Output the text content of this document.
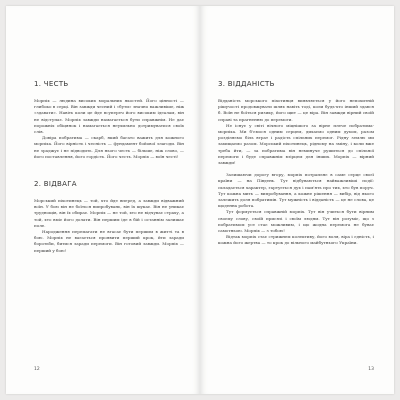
1. ЧЕСТЬ

Морпіх — людина високих моральних якостей. Його цінності — глибоко в серці. Він завжди чесний і «бути» значно важливіше, ніж «здавати». Навіть коли це йде всупереч його високим ідеалам, він не відступає. Морпіх завжди намагається бути справжнім. Не дає порожніх обіцянок і намагається неухильно дотримуватися своїх слів.

Довіра побратима — скарб, який багато важить для кожного морпіха. Його вірність і чесність — фундамент бойової злагоди. Він не зраджує і не підводить. Для нього честь — більше, ніж слово, — його поставлення, його гордість. Його честь. Морпіх — воїн честі!

2. ВІДВАГА

Морський піхотинець — той, хто йде вперед, а завжди відважний воїн. У бою він не боїться випробувань, він їх шукає. Він не уникає труднощів, він їх обирає. Морпіх — не той, хто не відчуває страху, а той, хто вміє його долати. Він першим іде в бій і останнім залишає поле.

Народження перемагати не вгасає бути першим в житті та в бою. Морпіх не вагається проявити перший крок, йти заради боротьби, битися заради перемоги. Він готовий завжди. Морпіх — перший у бою!

12
3. ВІДДАНІСТЬ

Відданість морського піхотинця виявляється у його непохитній рішучості продовжувати шлях навіть тоді, коли будь-хто інший здався б. Воїн не боїться ризику, його щит — це віра. Він завжди вірний своїй справі та прагненню до перемоги.

Не існує у світі вічного міцнішого за вірне плече побратима-морпіха. Ми б'ємося одним серцем, дихаємо одним духом, разом розділяємо біль втрат і радість спільних перемог. Рідну землю ми захищаємо разом. Морський піхотинець, рідному на зміну, і коли вже треба йти, — за побратима він неминуче рушиться до спільної перемоги і буде справжнім взірцем для інших. Морпіх — вірний завжди!

Залишаючи дорогу вгору, морпіх потрапляє в саме серце своєї країни — на Південь. Тут відбуваються найважливіші події: складається характер, гартується дух і пам'ять про тих, хто був поруч. Тут кожна мить — випробування, а кожне рішення — вибір, від якого залежить доля побратимів. Тут мужність і відданість — це не слова, це щоденна робота.

Тут формується справжній морпіх. Тут він учиться бути вірним своєму слову, своїй присязі і своїм людям. Тут він розуміє, що з побратимом усе стає можливим, і що жодна перемога не буває самотньою. Морпіх — з тобою!

Відтак морпіх стає стрижнем колективу, його воля, віра і єдність, і кожна його жертва — то крок до вільного майбутнього України.

13
